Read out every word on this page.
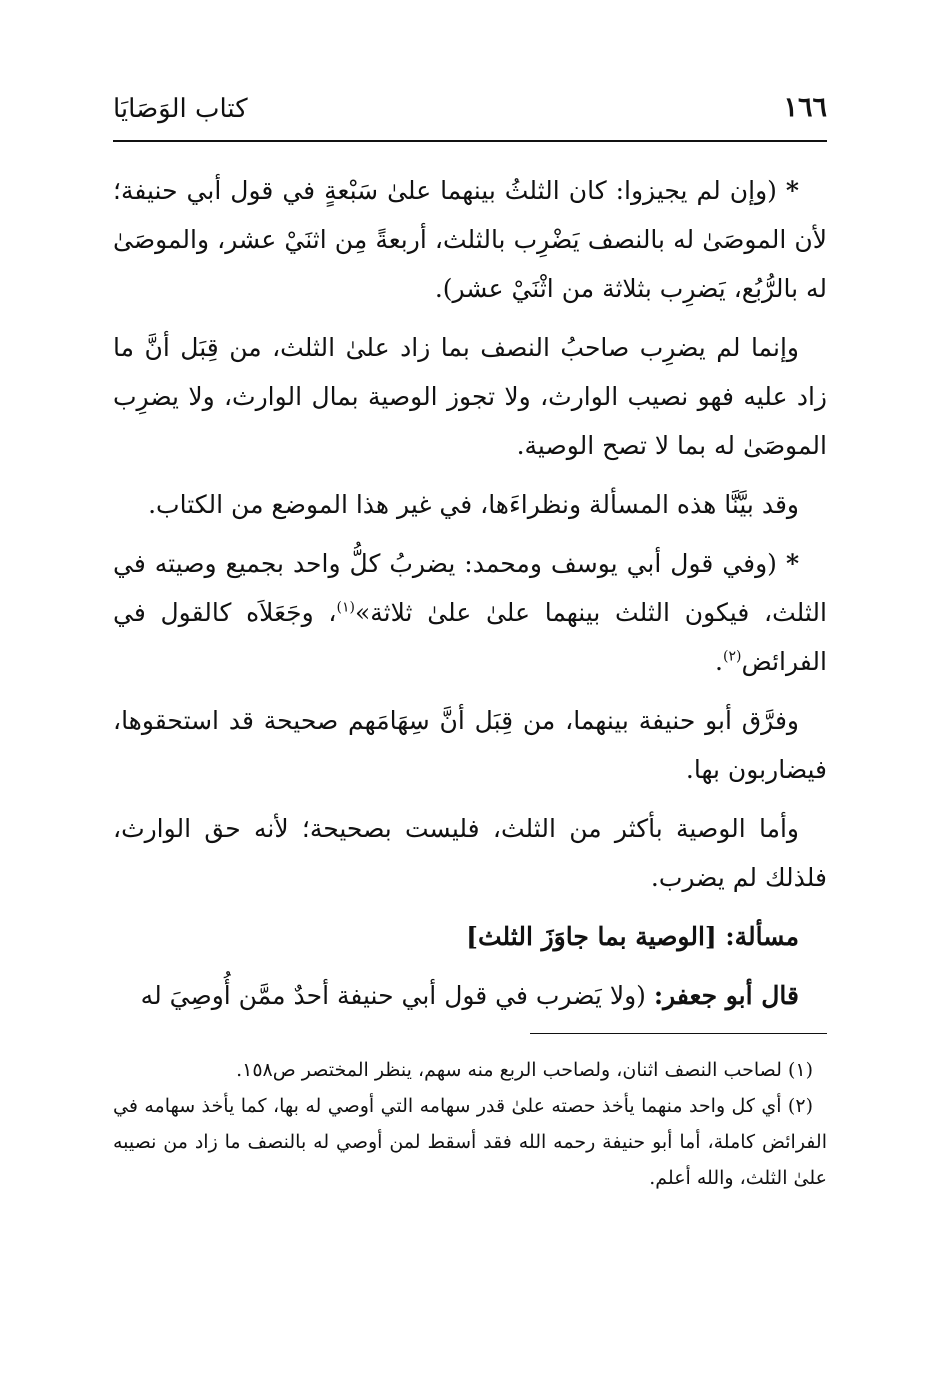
١٦٦
كتاب الوَصَايَا

* (وإن لم يجيزوا: كان الثلثُ بينهما علىٰ سَبْعةٍ في قول أبي حنيفة؛ لأن الموصَىٰ له بالنصف يَضْرِب بالثلث، أربعةً مِن اثنَيْ عشر، والموصَىٰ له بالرُّبُع، يَضرِب بثلاثة من اثْنَيْ عشر).

وإنما لم يضرِب صاحبُ النصف بما زاد علىٰ الثلث، من قِبَل أنَّ ما زاد عليه فهو نصيب الوارث، ولا تجوز الوصية بمال الوارث، ولا يضرِب الموصَىٰ له بما لا تصح الوصية.

وقد بيَّنَّا هذه المسألة ونظراءَها، في غير هذا الموضع من الكتاب.

* (وفي قول أبي يوسف ومحمد: يضربُ كلُّ واحد بجميع وصيته في الثلث، فيكون الثلث بينهما علىٰ علىٰ ثلاثة»$^{(١)}$، وجَعَلاَه كالقول في الفرائض$^{(٢)}$.

وفرَّق أبو حنيفة بينهما، من قِبَل أنَّ سِهَامَهم صحيحة قد استحقوها، فيضاربون بها.

وأما الوصية بأكثر من الثلث، فليست بصحيحة؛ لأنه حق الوارث، فلذلك لم يضرب.

مسألة: [الوصية بما جاوَزَ الثلث]

قال أبو جعفر: (ولا يَضرب في قول أبي حنيفة أحدٌ ممَّن أُوصِيَ له

(١) لصاحب النصف اثنان، ولصاحب الربع منه سهم، ينظر المختصر ص١٥٨.

(٢) أي كل واحد منهما يأخذ حصته علىٰ قدر سهامه التي أوصي له بها، كما يأخذ سهامه في الفرائض كاملة، أما أبو حنيفة رحمه الله فقد أسقط لمن أوصي له بالنصف ما زاد من نصيبه علىٰ الثلث، والله أعلم.
